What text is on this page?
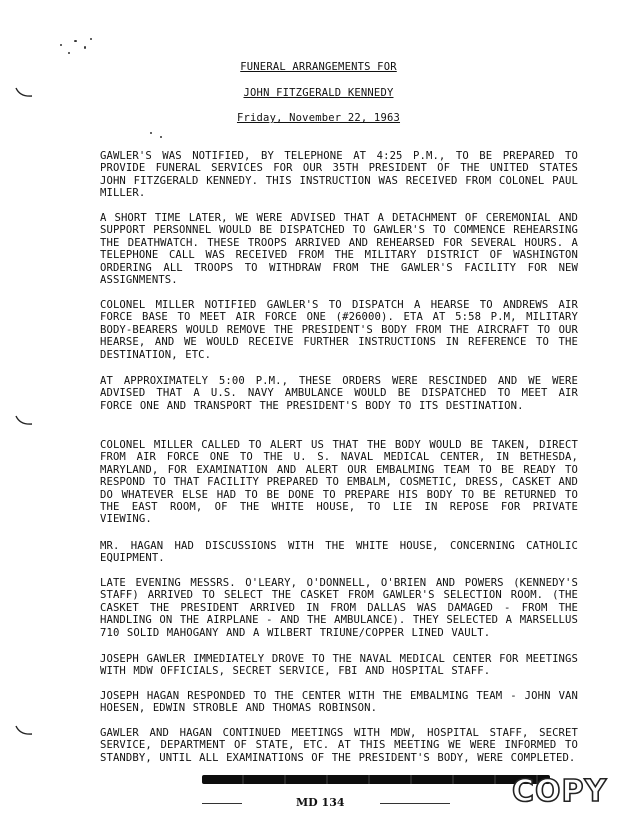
FUNERAL ARRANGEMENTS FOR
JOHN FITZGERALD KENNEDY
Friday, November 22, 1963

GAWLER'S WAS NOTIFIED, BY TELEPHONE AT 4:25 P.M., TO BE PREPARED TO PROVIDE FUNERAL SERVICES FOR OUR 35TH PRESIDENT OF THE UNITED STATES JOHN FITZGERALD KENNEDY. THIS INSTRUCTION WAS RECEIVED FROM COLONEL PAUL MILLER.

A SHORT TIME LATER, WE WERE ADVISED THAT A DETACHMENT OF CEREMONIAL AND SUPPORT PERSONNEL WOULD BE DISPATCHED TO GAWLER'S TO COMMENCE REHEARSING THE DEATHWATCH. THESE TROOPS ARRIVED AND REHEARSED FOR SEVERAL HOURS. A TELEPHONE CALL WAS RECEIVED FROM THE MILITARY DISTRICT OF WASHINGTON ORDERING ALL TROOPS TO WITHDRAW FROM THE GAWLER'S FACILITY FOR NEW ASSIGNMENTS.

COLONEL MILLER NOTIFIED GAWLER'S TO DISPATCH A HEARSE TO ANDREWS AIR FORCE BASE TO MEET AIR FORCE ONE (#26000). ETA AT 5:58 P.M, MILITARY BODY-BEARERS WOULD REMOVE THE PRESIDENT'S BODY FROM THE AIRCRAFT TO OUR HEARSE, AND WE WOULD RECEIVE FURTHER INSTRUCTIONS IN REFERENCE TO THE DESTINATION, ETC.

AT APPROXIMATELY 5:00 P.M., THESE ORDERS WERE RESCINDED AND WE WERE ADVISED THAT A U.S. NAVY AMBULANCE WOULD BE DISPATCHED TO MEET AIR FORCE ONE AND TRANSPORT THE PRESIDENT'S BODY TO ITS DESTINATION.

COLONEL MILLER CALLED TO ALERT US THAT THE BODY WOULD BE TAKEN, DIRECT FROM AIR FORCE ONE TO THE U. S. NAVAL MEDICAL CENTER, IN BETHESDA, MARYLAND, FOR EXAMINATION AND ALERT OUR EMBALMING TEAM TO BE READY TO RESPOND TO THAT FACILITY PREPARED TO EMBALM, COSMETIC, DRESS, CASKET AND DO WHATEVER ELSE HAD TO BE DONE TO PREPARE HIS BODY TO BE RETURNED TO THE EAST ROOM, OF THE WHITE HOUSE, TO LIE IN REPOSE FOR PRIVATE VIEWING.

MR. HAGAN HAD DISCUSSIONS WITH THE WHITE HOUSE, CONCERNING CATHOLIC EQUIPMENT.

LATE EVENING MESSRS. O'LEARY, O'DONNELL, O'BRIEN AND POWERS (KENNEDY'S STAFF) ARRIVED TO SELECT THE CASKET FROM GAWLER'S SELECTION ROOM. (THE CASKET THE PRESIDENT ARRIVED IN FROM DALLAS WAS DAMAGED - FROM THE HANDLING ON THE AIRPLANE - AND THE AMBULANCE). THEY SELECTED A MARSELLUS 710 SOLID MAHOGANY AND A WILBERT TRIUNE/COPPER LINED VAULT.

JOSEPH GAWLER IMMEDIATELY DROVE TO THE NAVAL MEDICAL CENTER FOR MEETINGS WITH MDW OFFICIALS, SECRET SERVICE, FBI AND HOSPITAL STAFF.

JOSEPH HAGAN RESPONDED TO THE CENTER WITH THE EMBALMING TEAM - JOHN VAN HOESEN, EDWIN STROBLE AND THOMAS ROBINSON.

GAWLER AND HAGAN CONTINUED MEETINGS WITH MDW, HOSPITAL STAFF, SECRET SERVICE, DEPARTMENT OF STATE, ETC. AT THIS MEETING WE WERE INFORMED TO STANDBY, UNTIL ALL EXAMINATIONS OF THE PRESIDENT'S BODY, WERE COMPLETED.

MD 134	COPY
